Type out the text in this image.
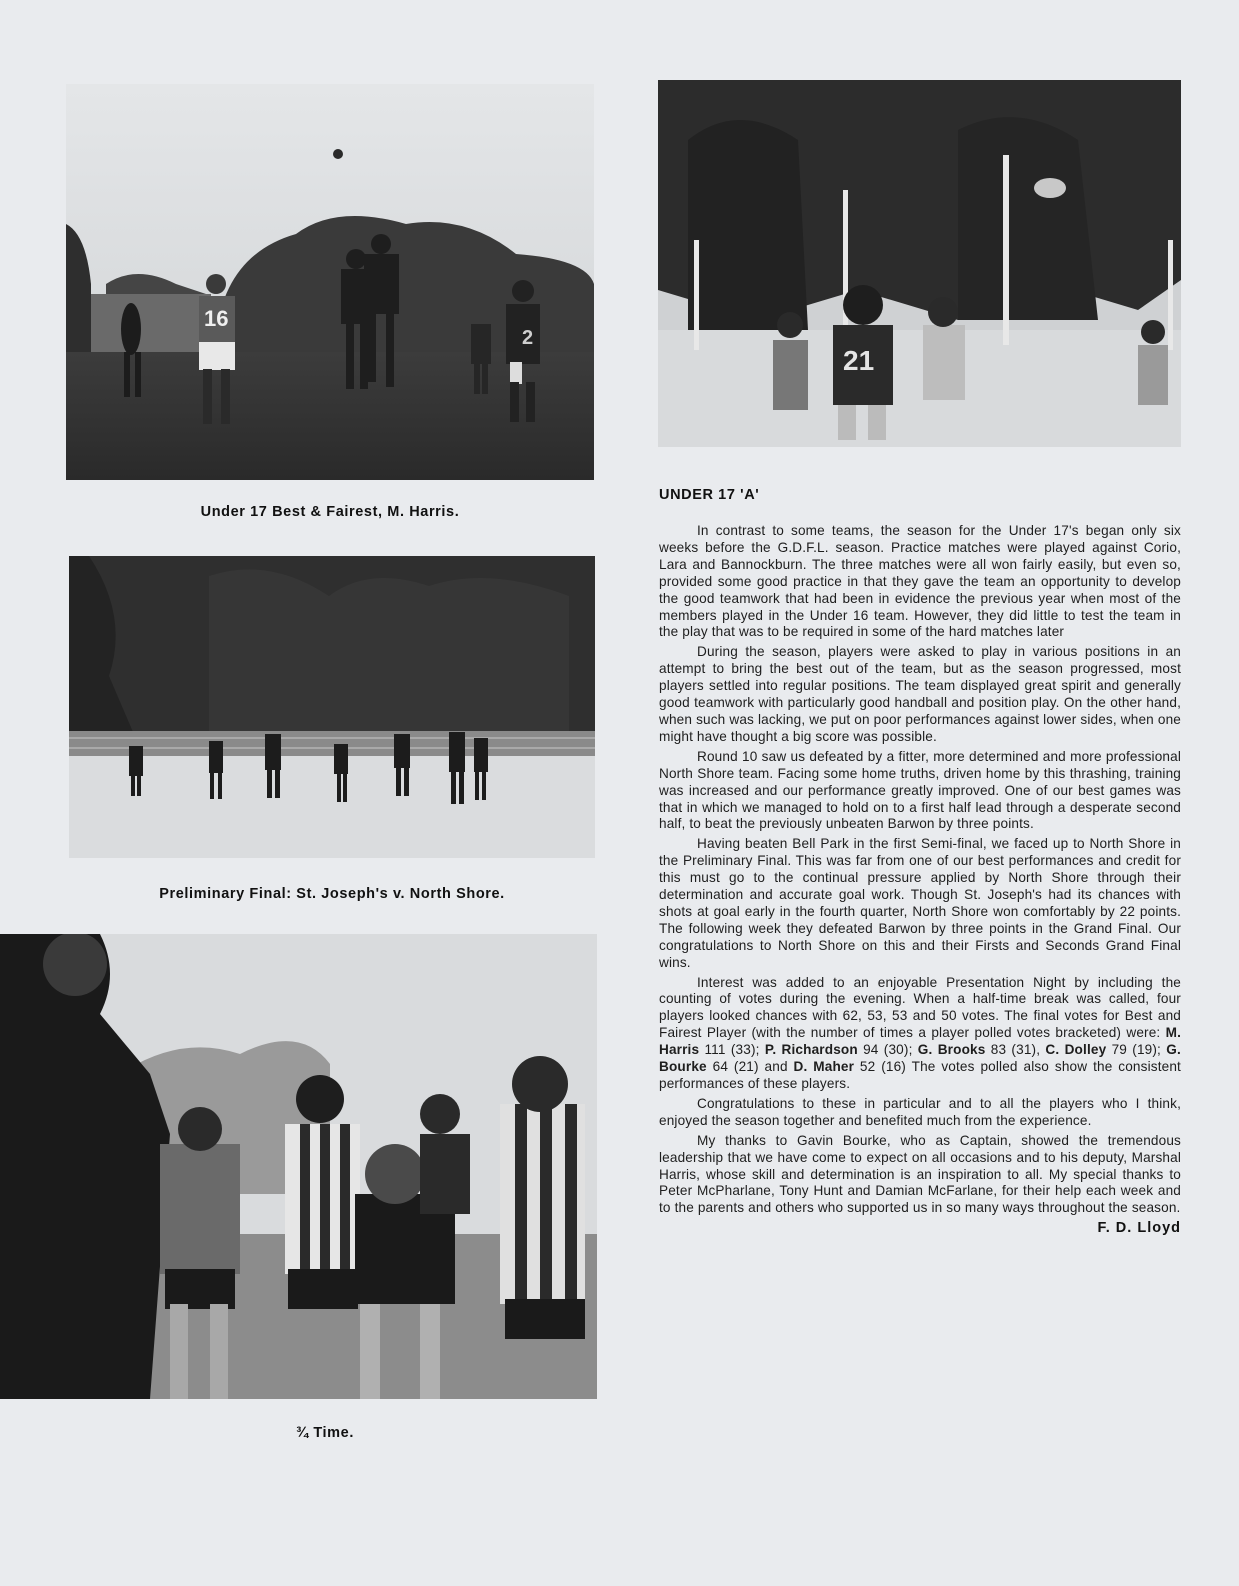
16
2
Under 17 Best & Fairest, M. Harris.
Preliminary Final: St. Joseph's v. North Shore.
¾ Time.
21
UNDER 17 'A'

In contrast to some teams, the season for the Under 17's began only six weeks before the G.D.F.L. season. Practice matches were played against Corio, Lara and Bannockburn. The three matches were all won fairly easily, but even so, provided some good practice in that they gave the team an opportunity to develop the good teamwork that had been in evidence the previous year when most of the members played in the Under 16 team. However, they did little to test the team in the play that was to be required in some of the hard matches later

During the season, players were asked to play in various positions in an attempt to bring the best out of the team, but as the season progressed, most players settled into regular positions. The team displayed great spirit and generally good teamwork with particularly good handball and position play. On the other hand, when such was lacking, we put on poor performances against lower sides, when one might have thought a big score was possible.

Round 10 saw us defeated by a fitter, more determined and more professional North Shore team. Facing some home truths, driven home by this thrashing, training was increased and our performance greatly improved. One of our best games was that in which we managed to hold on to a first half lead through a desperate second half, to beat the previously unbeaten Barwon by three points.

Having beaten Bell Park in the first Semi-final, we faced up to North Shore in the Preliminary Final. This was far from one of our best performances and credit for this must go to the continual pressure applied by North Shore through their determination and accurate goal work. Though St. Joseph's had its chances with shots at goal early in the fourth quarter, North Shore won comfortably by 22 points. The following week they defeated Barwon by three points in the Grand Final. Our congratulations to North Shore on this and their Firsts and Seconds Grand Final wins.

Interest was added to an enjoyable Presentation Night by including the counting of votes during the evening. When a half-time break was called, four players looked chances with 62, 53, 53 and 50 votes. The final votes for Best and Fairest Player (with the number of times a player polled votes bracketed) were: M. Harris 111 (33); P. Richardson 94 (30); G. Brooks 83 (31), C. Dolley 79 (19); G. Bourke 64 (21) and D. Maher 52 (16) The votes polled also show the consistent performances of these players.

Congratulations to these in particular and to all the players who I think, enjoyed the season together and benefited much from the experience.

My thanks to Gavin Bourke, who as Captain, showed the tremendous leadership that we have come to expect on all occasions and to his deputy, Marshal Harris, whose skill and determination is an inspiration to all. My special thanks to Peter McPharlane, Tony Hunt and Damian McFarlane, for their help each week and to the parents and others who supported us in so many ways throughout the season.

F. D. Lloyd
